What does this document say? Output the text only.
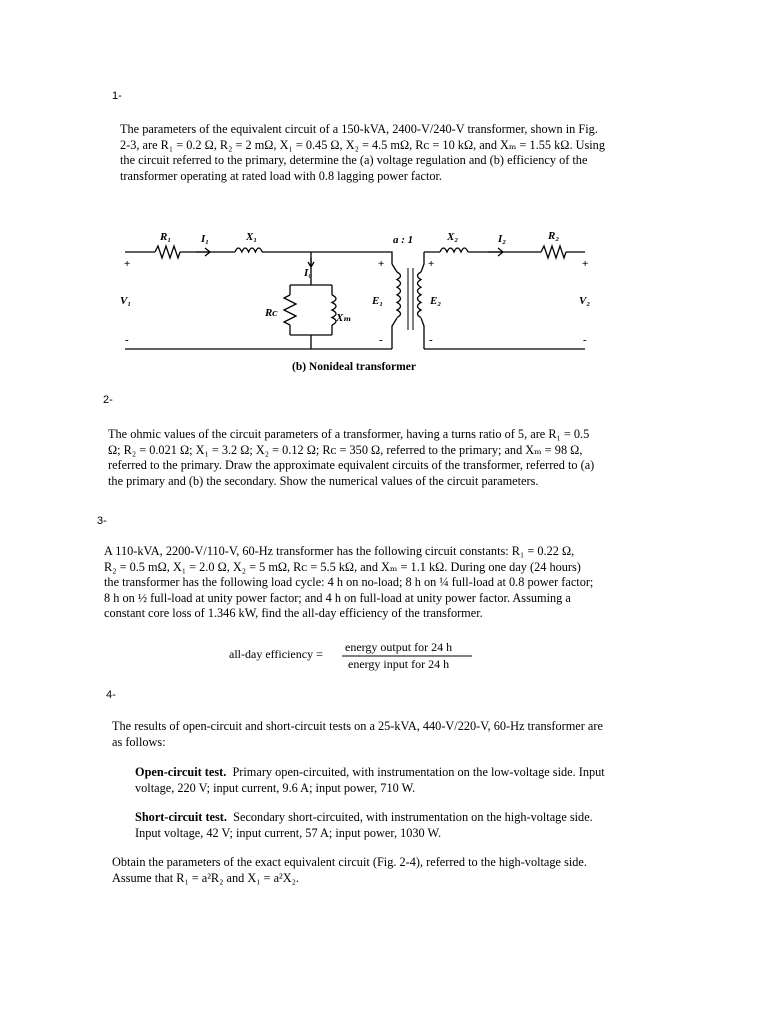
1-
The parameters of the equivalent circuit of a 150-kVA, 2400-V/240-V transformer, shown in Fig.
2-3, are R₁ = 0.2 Ω, R₂ = 2 mΩ, X₁ = 0.45 Ω, X₂ = 4.5 mΩ, Rᴄ = 10 kΩ, and Xₘ = 1.55 kΩ. Using
the circuit referred to the primary, determine the (a) voltage regulation and (b) efficiency of the
transformer operating at rated load with 0.8 lagging power factor.
R₁	I₁	X₁	a : 1	X₂	I₂	R₂
I₀
Rᴄ	Xₘ
V₁	V₂
E₁	E₂
+
-
+
-
+
-
+
-
(b) Nonideal transformer
2-
The ohmic values of the circuit parameters of a transformer, having a turns ratio of 5, are R₁ = 0.5
Ω; R₂ = 0.021 Ω; X₁ = 3.2 Ω; X₂ = 0.12 Ω; Rᴄ = 350 Ω, referred to the primary; and Xₘ = 98 Ω,
referred to the primary. Draw the approximate equivalent circuits of the transformer, referred to (a)
the primary and (b) the secondary. Show the numerical values of the circuit parameters.
3-
A 110-kVA, 2200-V/110-V, 60-Hz transformer has the following circuit constants: R₁ = 0.22 Ω,
R₂ = 0.5 mΩ, X₁ = 2.0 Ω, X₂ = 5 mΩ, Rᴄ = 5.5 kΩ, and Xₘ = 1.1 kΩ. During one day (24 hours)
the transformer has the following load cycle: 4 h on no-load; 8 h on ¼ full-load at 0.8 power factor;
8 h on ½ full-load at unity power factor; and 4 h on full-load at unity power factor. Assuming a
constant core loss of 1.346 kW, find the all-day efficiency of the transformer.
all-day efficiency = energy output for 24 h
energy input for 24 h
4-
The results of open-circuit and short-circuit tests on a 25-kVA, 440-V/220-V, 60-Hz transformer are
as follows:
Open-circuit test. Primary open-circuited, with instrumentation on the low-voltage side. Input
voltage, 220 V; input current, 9.6 A; input power, 710 W.
Short-circuit test. Secondary short-circuited, with instrumentation on the high-voltage side.
Input voltage, 42 V; input current, 57 A; input power, 1030 W.
Obtain the parameters of the exact equivalent circuit (Fig. 2-4), referred to the high-voltage side.
Assume that R₁ = a²R₂ and X₁ = a²X₂.
